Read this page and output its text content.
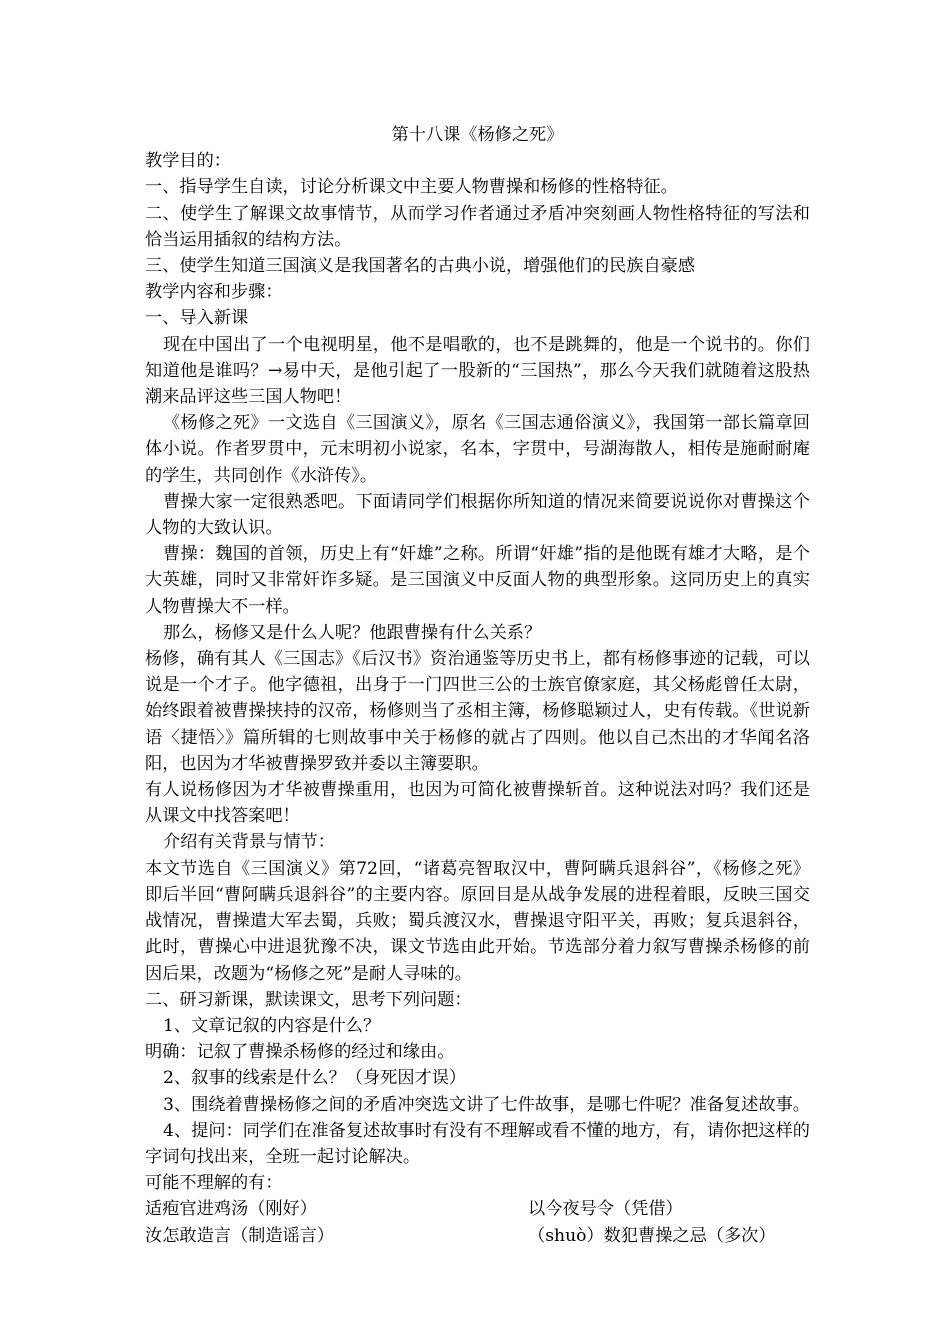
第十八课《杨修之死》

教学目的：

一、指导学生自读，讨论分析课文中主要人物曹操和杨修的性格特征。

二、使学生了解课文故事情节，从而学习作者通过矛盾冲突刻画人物性格特征的写法和恰当运用插叙的结构方法。

三、使学生知道三国演义是我国著名的古典小说，增强他们的民族自豪感

教学内容和步骤：

一、导入新课

现在中国出了一个电视明星，他不是唱歌的，也不是跳舞的，他是一个说书的。你们知道他是谁吗？→易中天，是他引起了一股新的“三国热”，那么今天我们就随着这股热潮来品评这些三国人物吧！

《杨修之死》一文选自《三国演义》，原名《三国志通俗演义》，我国第一部长篇章回体小说。作者罗贯中，元末明初小说家，名本，字贯中，号湖海散人，相传是施耐耐庵的学生，共同创作《水浒传》。

曹操大家一定很熟悉吧。下面请同学们根据你所知道的情况来简要说说你对曹操这个人物的大致认识。

曹操：魏国的首领，历史上有“奸雄”之称。所谓“奸雄”指的是他既有雄才大略，是个大英雄，同时又非常奸诈多疑。是三国演义中反面人物的典型形象。这同历史上的真实人物曹操大不一样。

那么，杨修又是什么人呢？他跟曹操有什么关系？

杨修，确有其人《三国志》《后汉书》资治通鉴等历史书上，都有杨修事迹的记载，可以说是一个才子。他字德祖，出身于一门四世三公的士族官僚家庭，其父杨彪曾任太尉，始终跟着被曹操挟持的汉帝，杨修则当了丞相主簿，杨修聪颖过人，史有传载。《世说新语〈捷悟〉》篇所辑的七则故事中关于杨修的就占了四则。他以自己杰出的才华闻名洛阳，也因为才华被曹操罗致并委以主簿要职。

有人说杨修因为才华被曹操重用，也因为可简化被曹操斩首。这种说法对吗？我们还是从课文中找答案吧！

介绍有关背景与情节：

本文节选自《三国演义》第72回，“诸葛亮智取汉中，曹阿瞒兵退斜谷”，《杨修之死》即后半回“曹阿瞒兵退斜谷”的主要内容。原回目是从战争发展的进程着眼，反映三国交战情况，曹操遣大军去蜀，兵败；蜀兵渡汉水，曹操退守阳平关，再败；复兵退斜谷，此时，曹操心中进退犹豫不决，课文节选由此开始。节选部分着力叙写曹操杀杨修的前因后果，改题为“杨修之死”是耐人寻味的。

二、研习新课，默读课文，思考下列问题：

1、文章记叙的内容是什么？

明确：记叙了曹操杀杨修的经过和缘由。

2、叙事的线索是什么？（身死因才误）

3、围绕着曹操杨修之间的矛盾冲突选文讲了七件故事，是哪七件呢？准备复述故事。

4、提问：同学们在准备复述故事时有没有不理解或看不懂的地方，有，请你把这样的字词句找出来，全班一起讨论解决。

可能不理解的有：

适疱官进鸡汤（刚好）	以今夜号令（凭借）
汝怎敢造言（制造谣言）	（shuò）数犯曹操之忌（多次）
